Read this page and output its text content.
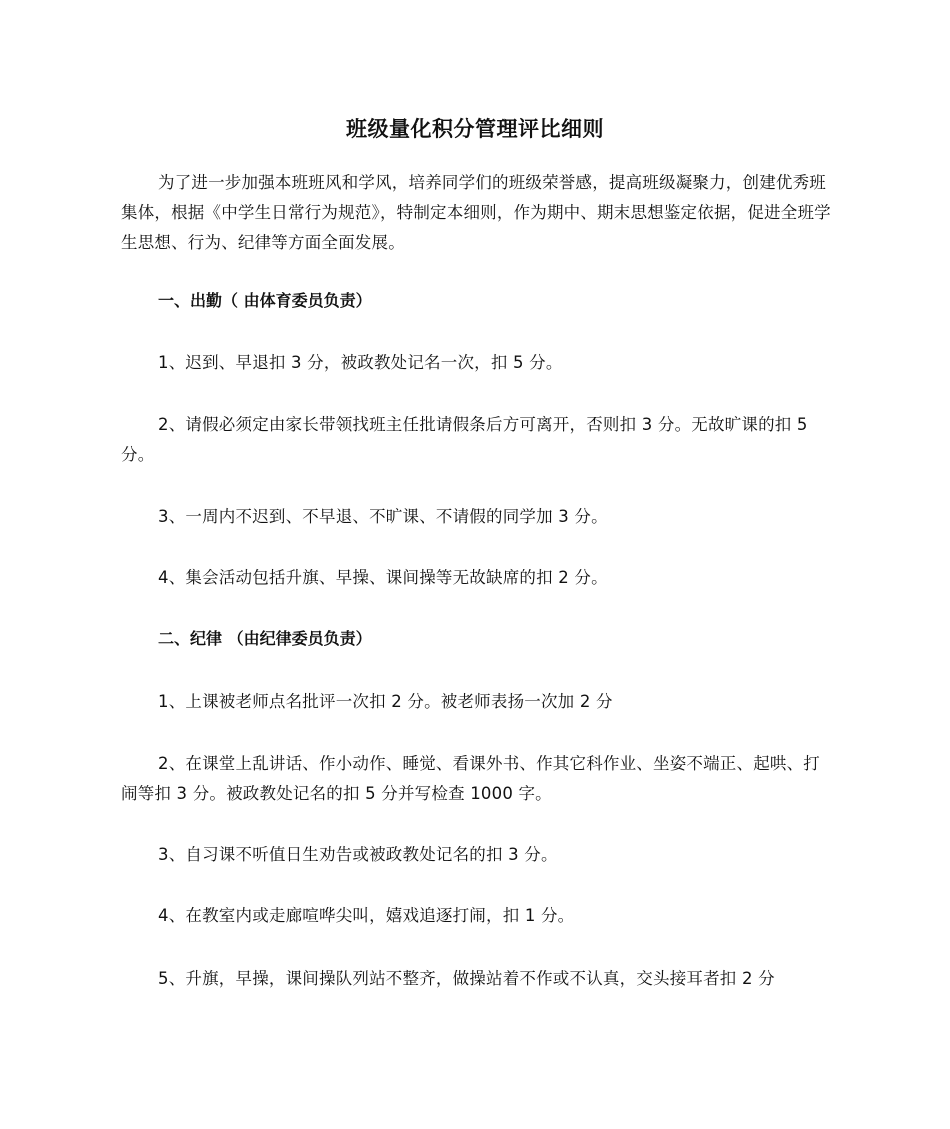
班级量化积分管理评比细则

为了进一步加强本班班风和学风，培养同学们的班级荣誉感，提高班级凝聚力，创建优秀班集体，根据《中学生日常行为规范》，特制定本细则，作为期中、期末思想鉴定依据，促进全班学生思想、行为、纪律等方面全面发展。

一、出勤（ 由体育委员负责）

1、迟到、早退扣 3 分，被政教处记名一次，扣 5 分。

2、请假必须定由家长带领找班主任批请假条后方可离开，否则扣 3 分。无故旷课的扣 5 分。

3、一周内不迟到、不早退、不旷课、不请假的同学加 3 分。

4、集会活动包括升旗、早操、课间操等无故缺席的扣 2 分。

二、纪律 （由纪律委员负责）

1、上课被老师点名批评一次扣 2 分。被老师表扬一次加 2 分

2、在课堂上乱讲话、作小动作、睡觉、看课外书、作其它科作业、坐姿不端正、起哄、打闹等扣 3 分。被政教处记名的扣 5 分并写检查 1000 字。

3、自习课不听值日生劝告或被政教处记名的扣 3 分。

4、在教室内或走廊喧哗尖叫，嬉戏追逐打闹，扣 1 分。

5、升旗，早操，课间操队列站不整齐，做操站着不作或不认真，交头接耳者扣 2 分
